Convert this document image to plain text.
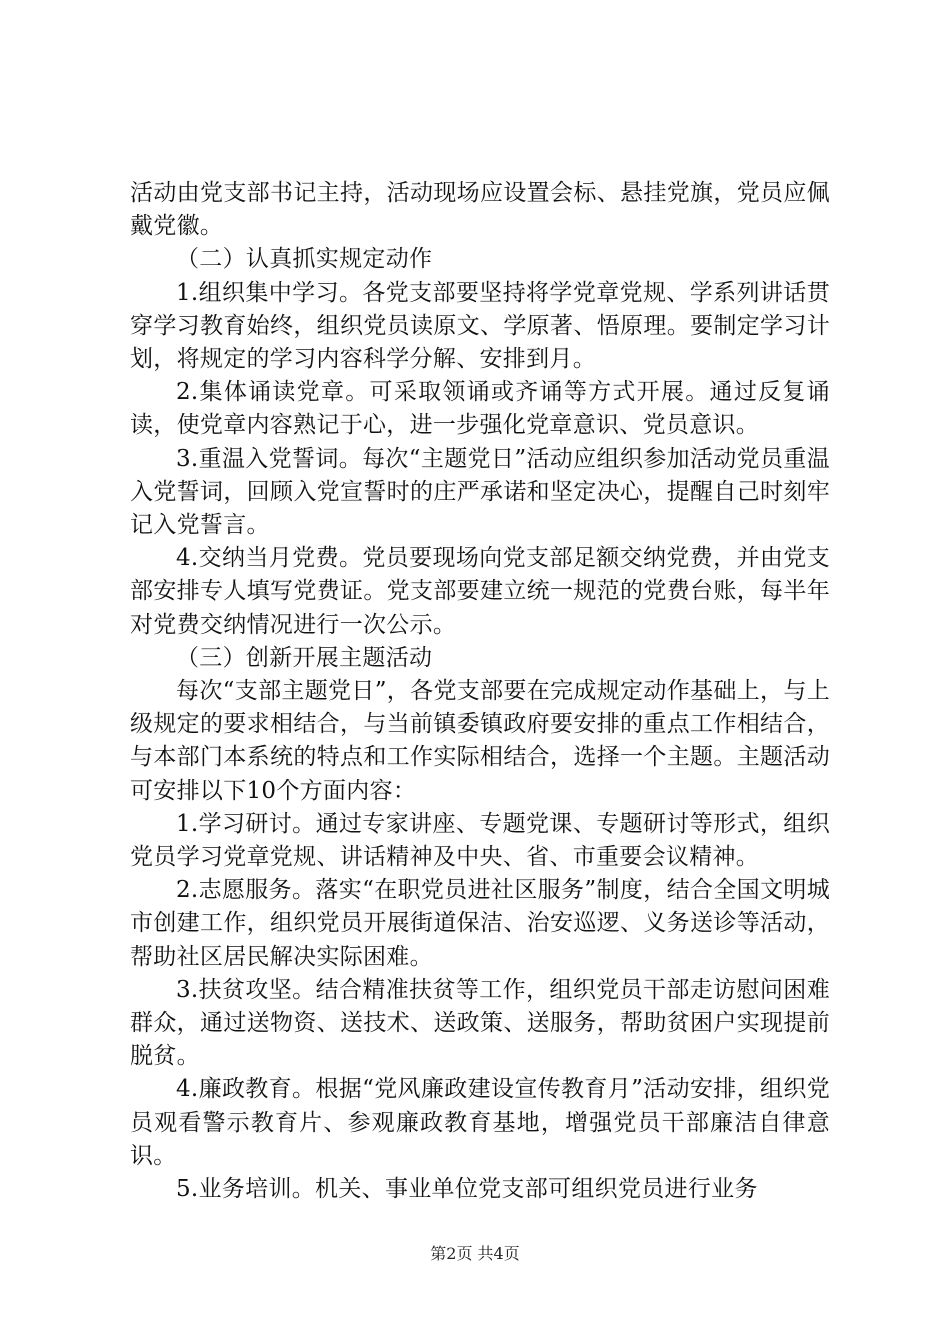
活动由党支部书记主持，活动现场应设置会标、悬挂党旗，党员应佩戴党徽。

（二）认真抓实规定动作

1.组织集中学习。各党支部要坚持将学党章党规、学系列讲话贯穿学习教育始终，组织党员读原文、学原著、悟原理。要制定学习计划，将规定的学习内容科学分解、安排到月。

2.集体诵读党章。可采取领诵或齐诵等方式开展。通过反复诵读，使党章内容熟记于心，进一步强化党章意识、党员意识。

3.重温入党誓词。每次“主题党日”活动应组织参加活动党员重温入党誓词，回顾入党宣誓时的庄严承诺和坚定决心，提醒自己时刻牢记入党誓言。

4.交纳当月党费。党员要现场向党支部足额交纳党费，并由党支部安排专人填写党费证。党支部要建立统一规范的党费台账，每半年对党费交纳情况进行一次公示。

（三）创新开展主题活动

每次“支部主题党日”，各党支部要在完成规定动作基础上，与上级规定的要求相结合，与当前镇委镇政府要安排的重点工作相结合，与本部门本系统的特点和工作实际相结合，选择一个主题。主题活动可安排以下10个方面内容：

1.学习研讨。通过专家讲座、专题党课、专题研讨等形式，组织党员学习党章党规、讲话精神及中央、省、市重要会议精神。

2.志愿服务。落实“在职党员进社区服务”制度，结合全国文明城市创建工作，组织党员开展街道保洁、治安巡逻、义务送诊等活动，帮助社区居民解决实际困难。

3.扶贫攻坚。结合精准扶贫等工作，组织党员干部走访慰问困难群众，通过送物资、送技术、送政策、送服务，帮助贫困户实现提前脱贫。

4.廉政教育。根据“党风廉政建设宣传教育月”活动安排，组织党员观看警示教育片、参观廉政教育基地，增强党员干部廉洁自律意识。

5.业务培训。机关、事业单位党支部可组织党员进行业务

第2页 共4页
